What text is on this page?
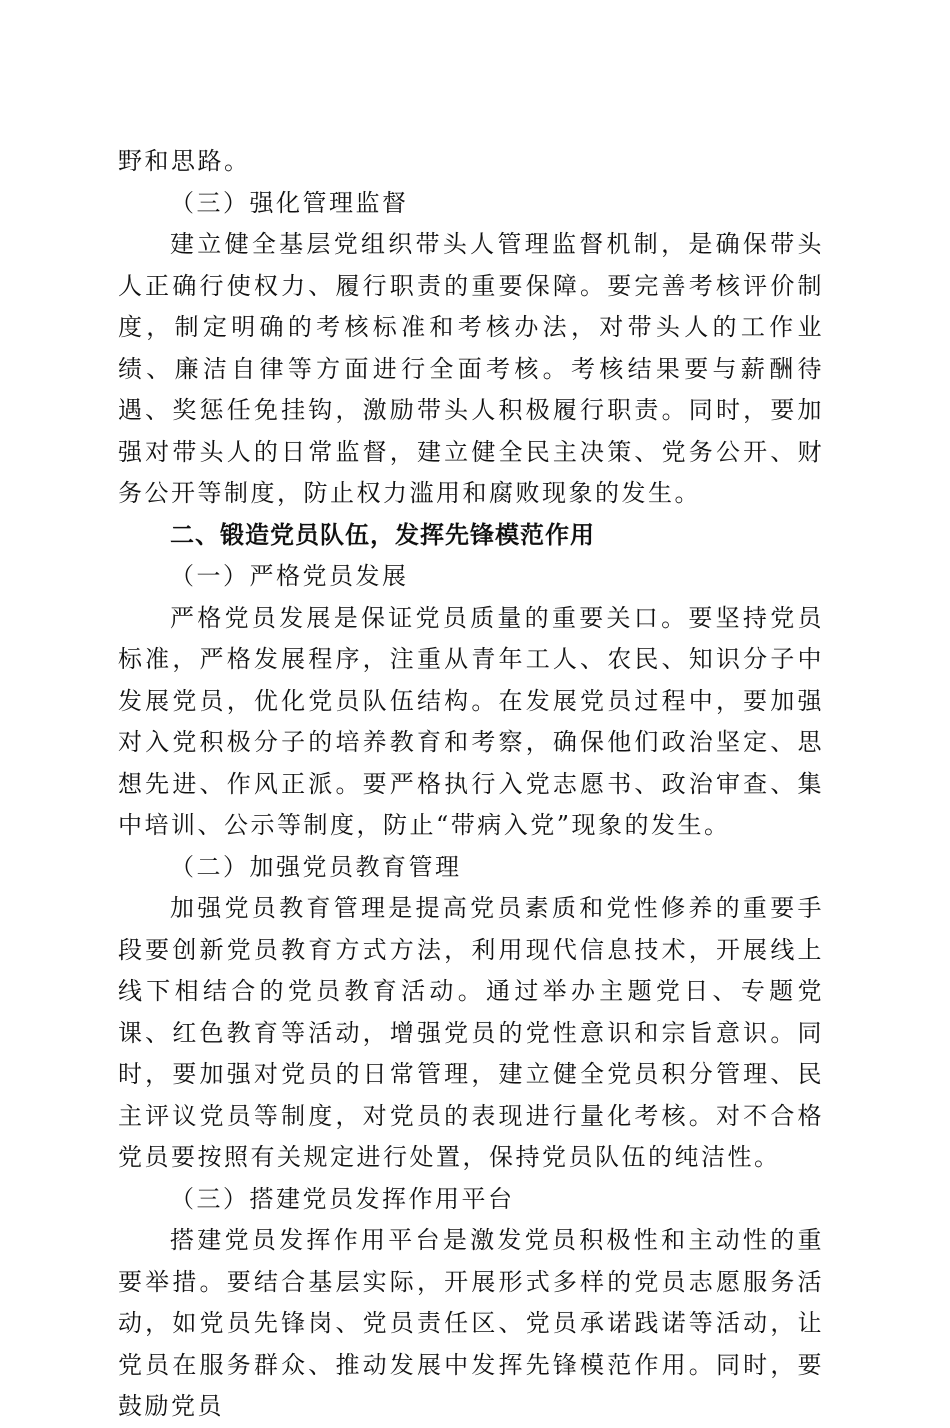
野和思路。

（三）强化管理监督

建立健全基层党组织带头人管理监督机制，是确保带头人正确行使权力、履行职责的重要保障。要完善考核评价制度，制定明确的考核标准和考核办法，对带头人的工作业绩、廉洁自律等方面进行全面考核。考核结果要与薪酬待遇、奖惩任免挂钩，激励带头人积极履行职责。同时，要加强对带头人的日常监督，建立健全民主决策、党务公开、财务公开等制度，防止权力滥用和腐败现象的发生。

二、锻造党员队伍，发挥先锋模范作用

（一）严格党员发展

严格党员发展是保证党员质量的重要关口。要坚持党员标准，严格发展程序，注重从青年工人、农民、知识分子中发展党员，优化党员队伍结构。在发展党员过程中，要加强对入党积极分子的培养教育和考察，确保他们政治坚定、思想先进、作风正派。要严格执行入党志愿书、政治审查、集中培训、公示等制度，防止“带病入党”现象的发生。

（二）加强党员教育管理

加强党员教育管理是提高党员素质和党性修养的重要手段要创新党员教育方式方法，利用现代信息技术，开展线上线下相结合的党员教育活动。通过举办主题党日、专题党课、红色教育等活动，增强党员的党性意识和宗旨意识。同时，要加强对党员的日常管理，建立健全党员积分管理、民主评议党员等制度，对党员的表现进行量化考核。对不合格党员要按照有关规定进行处置，保持党员队伍的纯洁性。

（三）搭建党员发挥作用平台

搭建党员发挥作用平台是激发党员积极性和主动性的重要举措。要结合基层实际，开展形式多样的党员志愿服务活动，如党员先锋岗、党员责任区、党员承诺践诺等活动，让党员在服务群众、推动发展中发挥先锋模范作用。同时，要鼓励党员
